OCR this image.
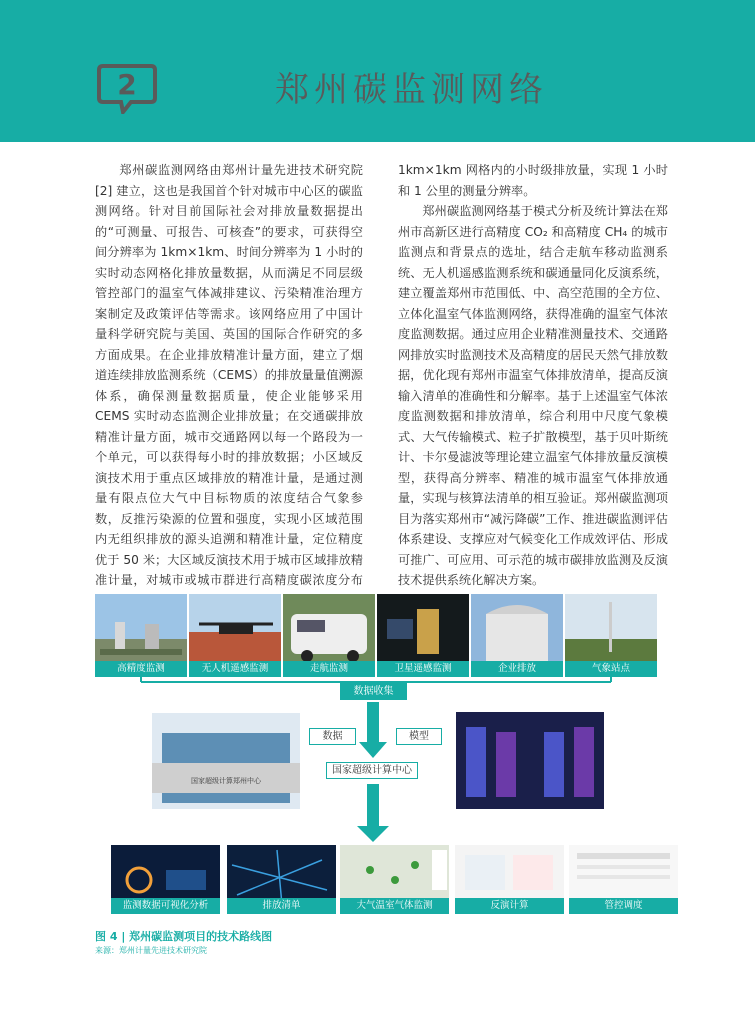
2	郑州碳监测网络

郑州碳监测网络由郑州计量先进技术研究院 [2] 建立，这也是我国首个针对城市中心区的碳监测网络。针对目前国际社会对排放量数据提出的“可测量、可报告、可核查”的要求，可获得空间分辨率为 1km×1km、时间分辨率为 1 小时的实时动态网格化排放量数据，从而满足不同层级管控部门的温室气体减排建议、污染精准治理方案制定及政策评估等需求。该网络应用了中国计量科学研究院与美国、英国的国际合作研究的多方面成果。在企业排放精准计量方面，建立了烟道连续排放监测系统（CEMS）的排放量量值溯源体系，确保测量数据质量，使企业能够采用 CEMS 实时动态监测企业排放量；在交通碳排放精准计量方面，城市交通路网以每一个路段为一个单元，可以获得每小时的排放数据；小区域反演技术用于重点区域排放的精准计量，是通过测量有限点位大气中目标物质的浓度结合气象参数，反推污染源的位置和强度，实现小区域范围内无组织排放的源头追溯和精准计量，定位精度优于 50 米；大区域反演技术用于城市区域排放精准计量，对城市或城市群进行高精度碳浓度分布

1km×1km 网格内的小时级排放量，实现 1 小时和 1 公里的测量分辨率。

郑州碳监测网络基于模式分析及统计算法在郑州市高新区进行高精度 CO₂ 和高精度 CH₄ 的城市监测点和背景点的选址，结合走航车移动监测系统、无人机遥感监测系统和碳通量同化反演系统，建立覆盖郑州市范围低、中、高空范围的全方位、立体化温室气体监测网络，获得准确的温室气体浓度监测数据。通过应用企业精准测量技术、交通路网排放实时监测技术及高精度的居民天然气排放数据，优化现有郑州市温室气体排放清单，提高反演输入清单的准确性和分解率。基于上述温室气体浓度监测数据和排放清单，综合利用中尺度气象模式、大气传输模式、粒子扩散模型，基于贝叶斯统计、卡尔曼滤波等理论建立温室气体排放量反演模型，获得高分辨率、精准的城市温室气体排放通量，实现与核算法清单的相互验证。郑州碳监测项目为落实郑州市“减污降碳”工作、推进碳监测评估体系建设、支撑应对气候变化工作成效评估、形成可推广、可应用、可示范的城市碳排放监测及反演技术提供系统化解决方案。

高精度监测	无人机遥感监测	走航监测	卫星遥感监测	企业排放	气象站点
数据收集
国家超级计算郑州中心
数据	模型
国家超级计算中心
监测数据可视化分析	排放清单	大气温室气体监测	反演计算	管控调度
图 4 | 郑州碳监测项目的技术路线图
来源：郑州计量先进技术研究院
